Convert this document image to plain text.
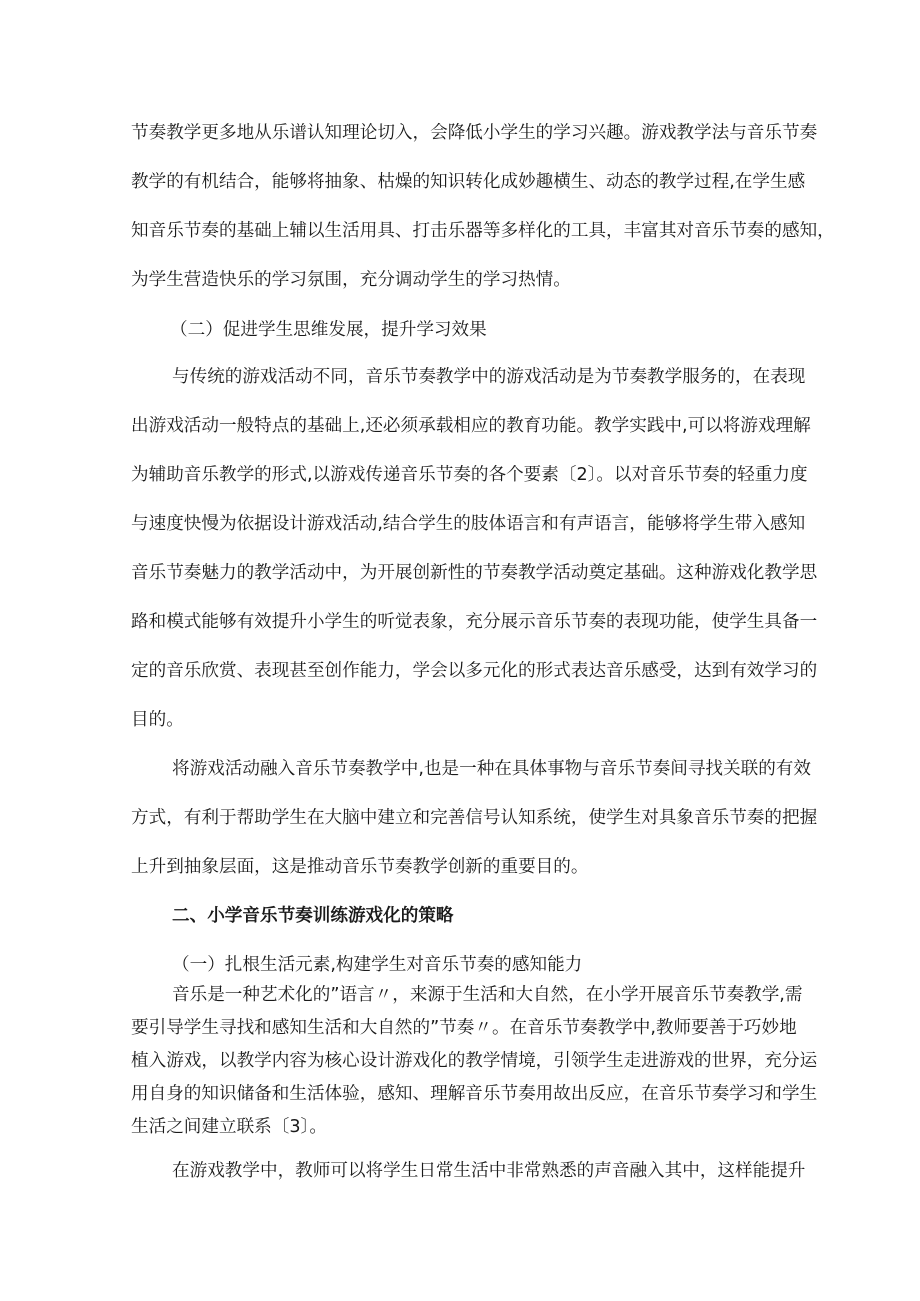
节奏教学更多地从乐谱认知理论切入，会降低小学生的学习兴趣。游戏教学法与音乐节奏
教学的有机结合，能够将抽象、枯燥的知识转化成妙趣横生、动态的教学过程,在学生感
知音乐节奏的基础上辅以生活用具、打击乐器等多样化的工具，丰富其对音乐节奏的感知，
为学生营造快乐的学习氛围，充分调动学生的学习热情。
（二）促进学生思维发展，提升学习效果
与传统的游戏活动不同，音乐节奏教学中的游戏活动是为节奏教学服务的，在表现
出游戏活动一般特点的基础上,还必须承载相应的教育功能。教学实践中,可以将游戏理解
为辅助音乐教学的形式,以游戏传递音乐节奏的各个要素〔2〕。以对音乐节奏的轻重力度
与速度快慢为依据设计游戏活动,结合学生的肢体语言和有声语言，能够将学生带入感知
音乐节奏魅力的教学活动中，为开展创新性的节奏教学活动奠定基础。这种游戏化教学思
路和模式能够有效提升小学生的听觉表象，充分展示音乐节奏的表现功能，使学生具备一
定的音乐欣赏、表现甚至创作能力，学会以多元化的形式表达音乐感受，达到有效学习的
目的。
将游戏活动融入音乐节奏教学中,也是一种在具体事物与音乐节奏间寻找关联的有效
方式，有利于帮助学生在大脑中建立和完善信号认知系统，使学生对具象音乐节奏的把握
上升到抽象层面，这是推动音乐节奏教学创新的重要目的。
二、小学音乐节奏训练游戏化的策略
（一）扎根生活元素,构建学生对音乐节奏的感知能力
音乐是一种艺术化的”语言〃，来源于生活和大自然，在小学开展音乐节奏教学,需
要引导学生寻找和感知生活和大自然的”节奏〃。在音乐节奏教学中,教师要善于巧妙地
植入游戏，以教学内容为核心设计游戏化的教学情境，引领学生走进游戏的世界，充分运
用自身的知识储备和生活体验，感知、理解音乐节奏用故出反应，在音乐节奏学习和学生
生活之间建立联系〔3〕。
在游戏教学中，教师可以将学生日常生活中非常熟悉的声音融入其中，这样能提升
